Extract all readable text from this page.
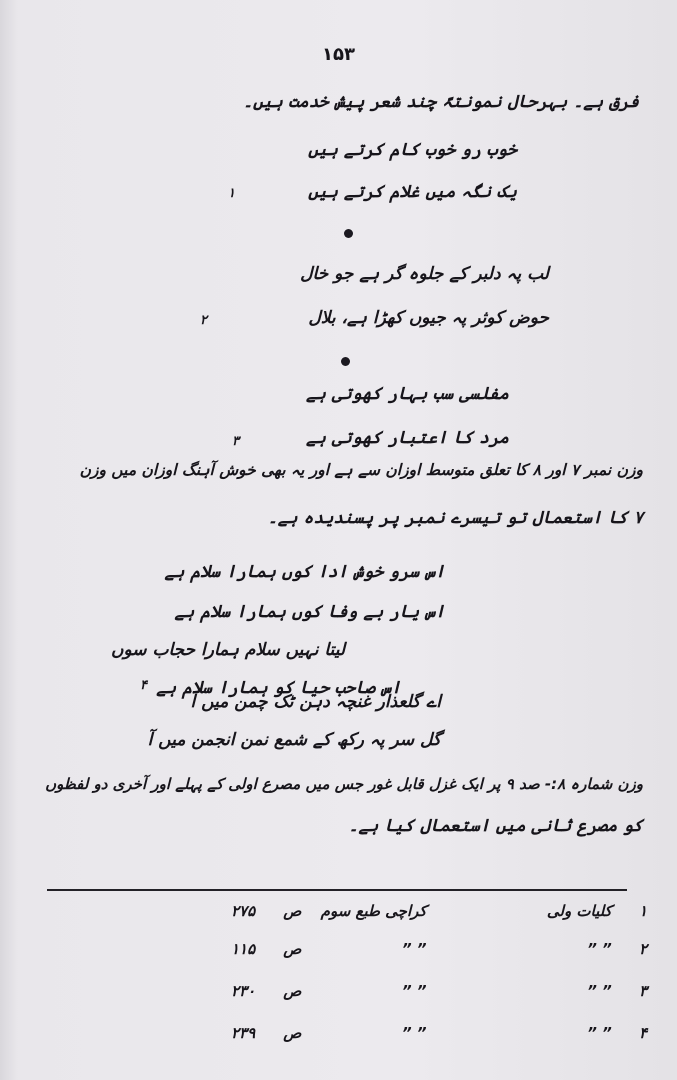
۱۵۳
فرق ہے۔ بہرحال نمونتہً چند شعر پیش خدمت ہیں۔
خوب رو خوب کام کرتے ہیں
یک نگہ میں غلام کرتے ہیں
۱
لب پہ دلبر کے جلوہ گر ہے جو خال
حوض کوثر پہ جیوں کھڑا ہے، بلال
۲
مفلسی سب بہار کھوتی ہے
مرد کا اعتبار کھوتی ہے
۳
وزن نمبر ۷ اور ۸ کا تعلق متوسط اوزان سے ہے اور یہ بھی خوش آہنگ اوزان میں وزن
۷ کا استعمال تو تیسرے نمبر پر پسندیدہ ہے۔
اس سرو خوش ادا کوں ہمارا سلام ہے
اس یار بے وفا کوں ہمارا سلام ہے
لیتا نہیں سلام ہمارا حجاب سوں
اس صاحب حیا کو ہمارا سلام ہے
۴
اے گلعذار غنچہ دہن ٹک چمن میں آ
گل سر پہ رکھ کے شمع نمن انجمن میں آ
وزن شمارہ ۸:- صد ۹ پر ایک غزل قابل غور جس میں مصرع اولی کے پہلے اور آخری دو لفظوں
کو مصرع ثانی میں استعمال کیا ہے۔
۱ کلیات ولی کراچی طبع سوم ص ۲۷۵
۲ ” ” ” ” ص ۱۱۵
۳ ” ” ” ” ص ۲۳۰
۴ ” ” ” ” ص ۲۳۹
